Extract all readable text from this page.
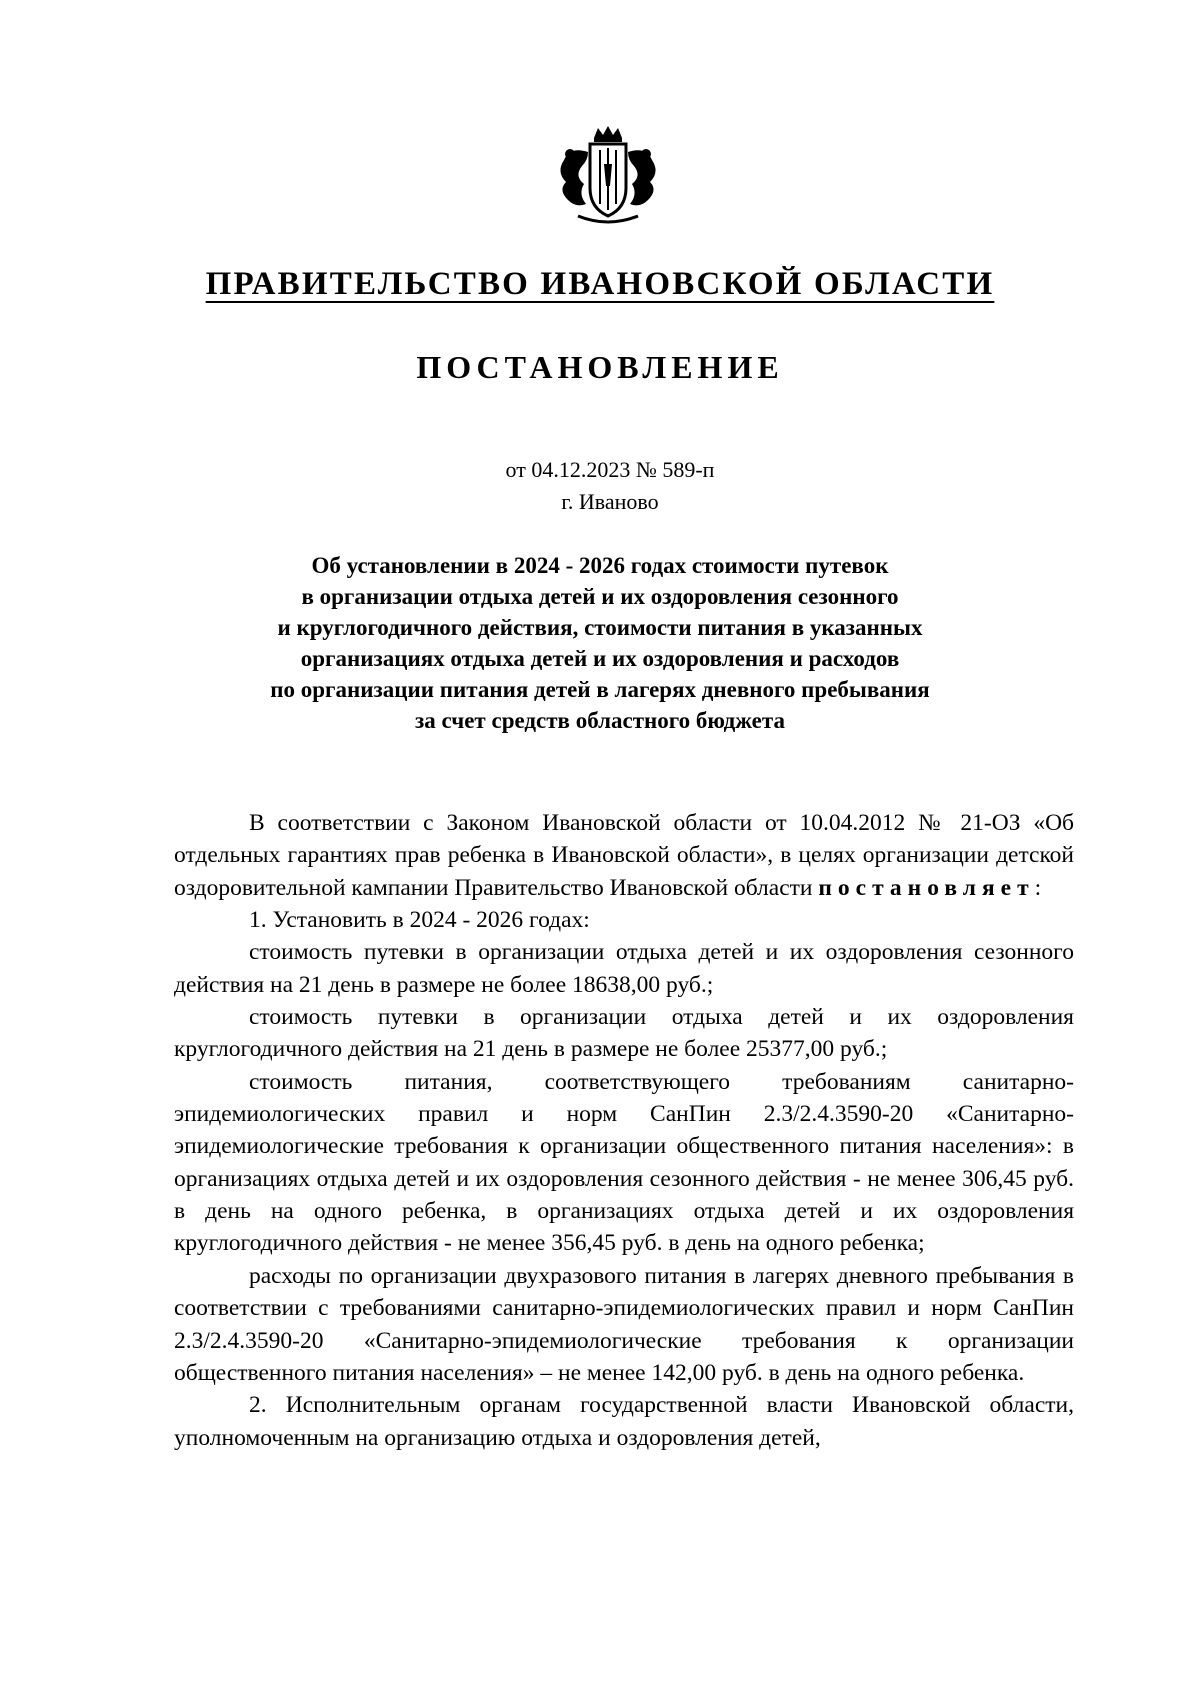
ПРАВИТЕЛЬСТВО ИВАНОВСКОЙ ОБЛАСТИ
ПОСТАНОВЛЕНИЕ
от 04.12.2023 № 589-п
г. Иваново
Об установлении в 2024 - 2026 годах стоимости путевок
в организации отдыха детей и их оздоровления сезонного
и круглогодичного действия, стоимости питания в указанных
организациях отдыха детей и их оздоровления и расходов
по организации питания детей в лагерях дневного пребывания
за счет средств областного бюджета

В соответствии с Законом Ивановской области от 10.04.2012 № 21-ОЗ «Об отдельных гарантиях прав ребенка в Ивановской области», в целях организации детской оздоровительной кампании Правительство Ивановской области постановляет:

1. Установить в 2024 - 2026 годах:

стоимость путевки в организации отдыха детей и их оздоровления сезонного действия на 21 день в размере не более 18638,00 руб.;

стоимость путевки в организации отдыха детей и их оздоровления круглогодичного действия на 21 день в размере не более 25377,00 руб.;

стоимость питания, соответствующего требованиям санитарно-эпидемиологических правил и норм СанПин 2.3/2.4.3590-20 «Санитарно-эпидемиологические требования к организации общественного питания населения»: в организациях отдыха детей и их оздоровления сезонного действия - не менее 306,45 руб. в день на одного ребенка, в организациях отдыха детей и их оздоровления круглогодичного действия - не менее 356,45 руб. в день на одного ребенка;

расходы по организации двухразового питания в лагерях дневного пребывания в соответствии с требованиями санитарно-эпидемиологических правил и норм СанПин 2.3/2.4.3590-20 «Санитарно-эпидемиологические требования к организации общественного питания населения» – не менее 142,00 руб. в день на одного ребенка.

2. Исполнительным органам государственной власти Ивановской области, уполномоченным на организацию отдыха и оздоровления детей,
